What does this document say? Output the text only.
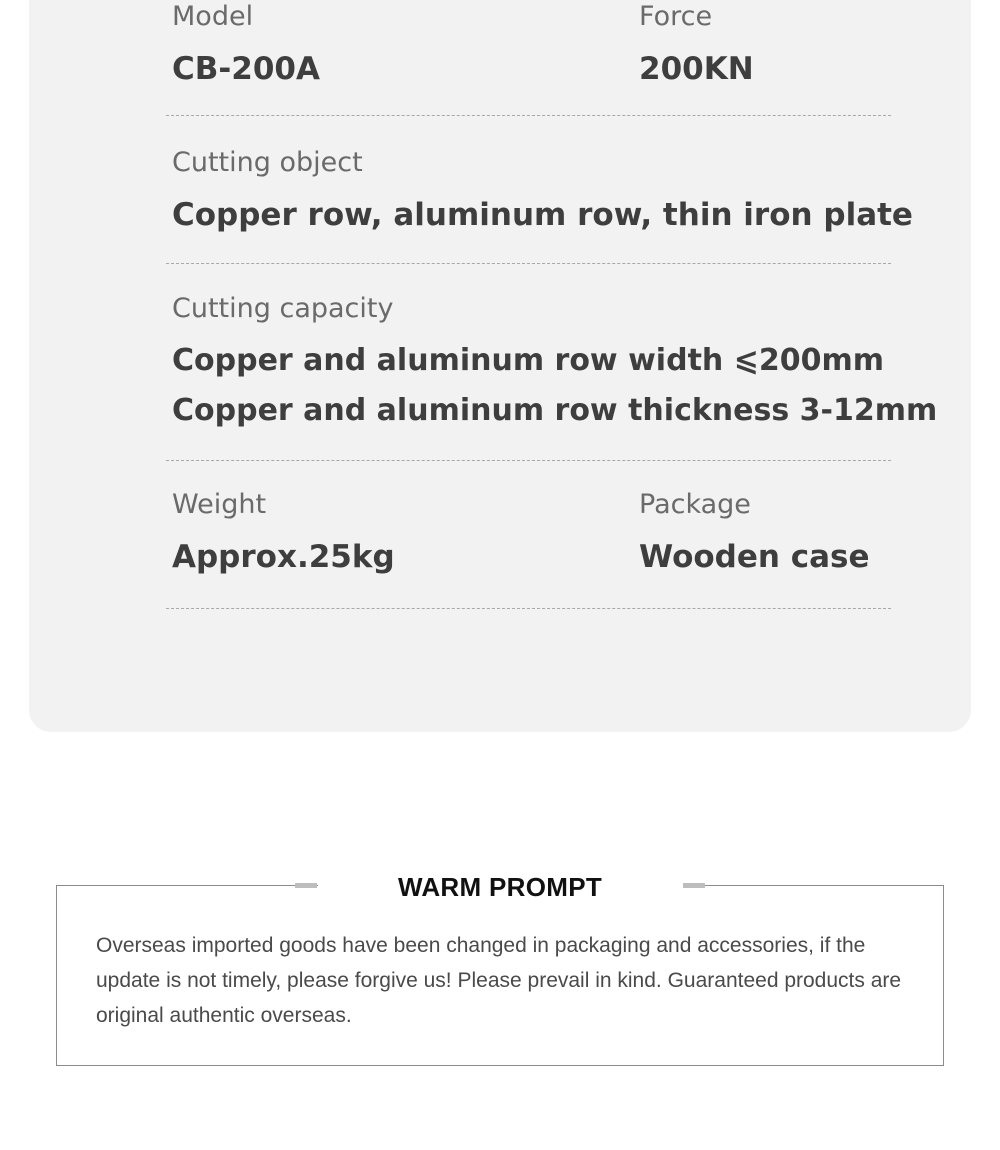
Model
CB-200A
Force
200KN
Cutting object
Copper row, aluminum row, thin iron plate
Cutting capacity
Copper and aluminum row width ⩽200mm
Copper and aluminum row thickness 3-12mm
Weight
Approx.25kg
Package
Wooden case
WARM PROMPT
Overseas imported goods have been changed in packaging and accessories, if the update is not timely, please forgive us! Please prevail in kind. Guaranteed products are original authentic overseas.
